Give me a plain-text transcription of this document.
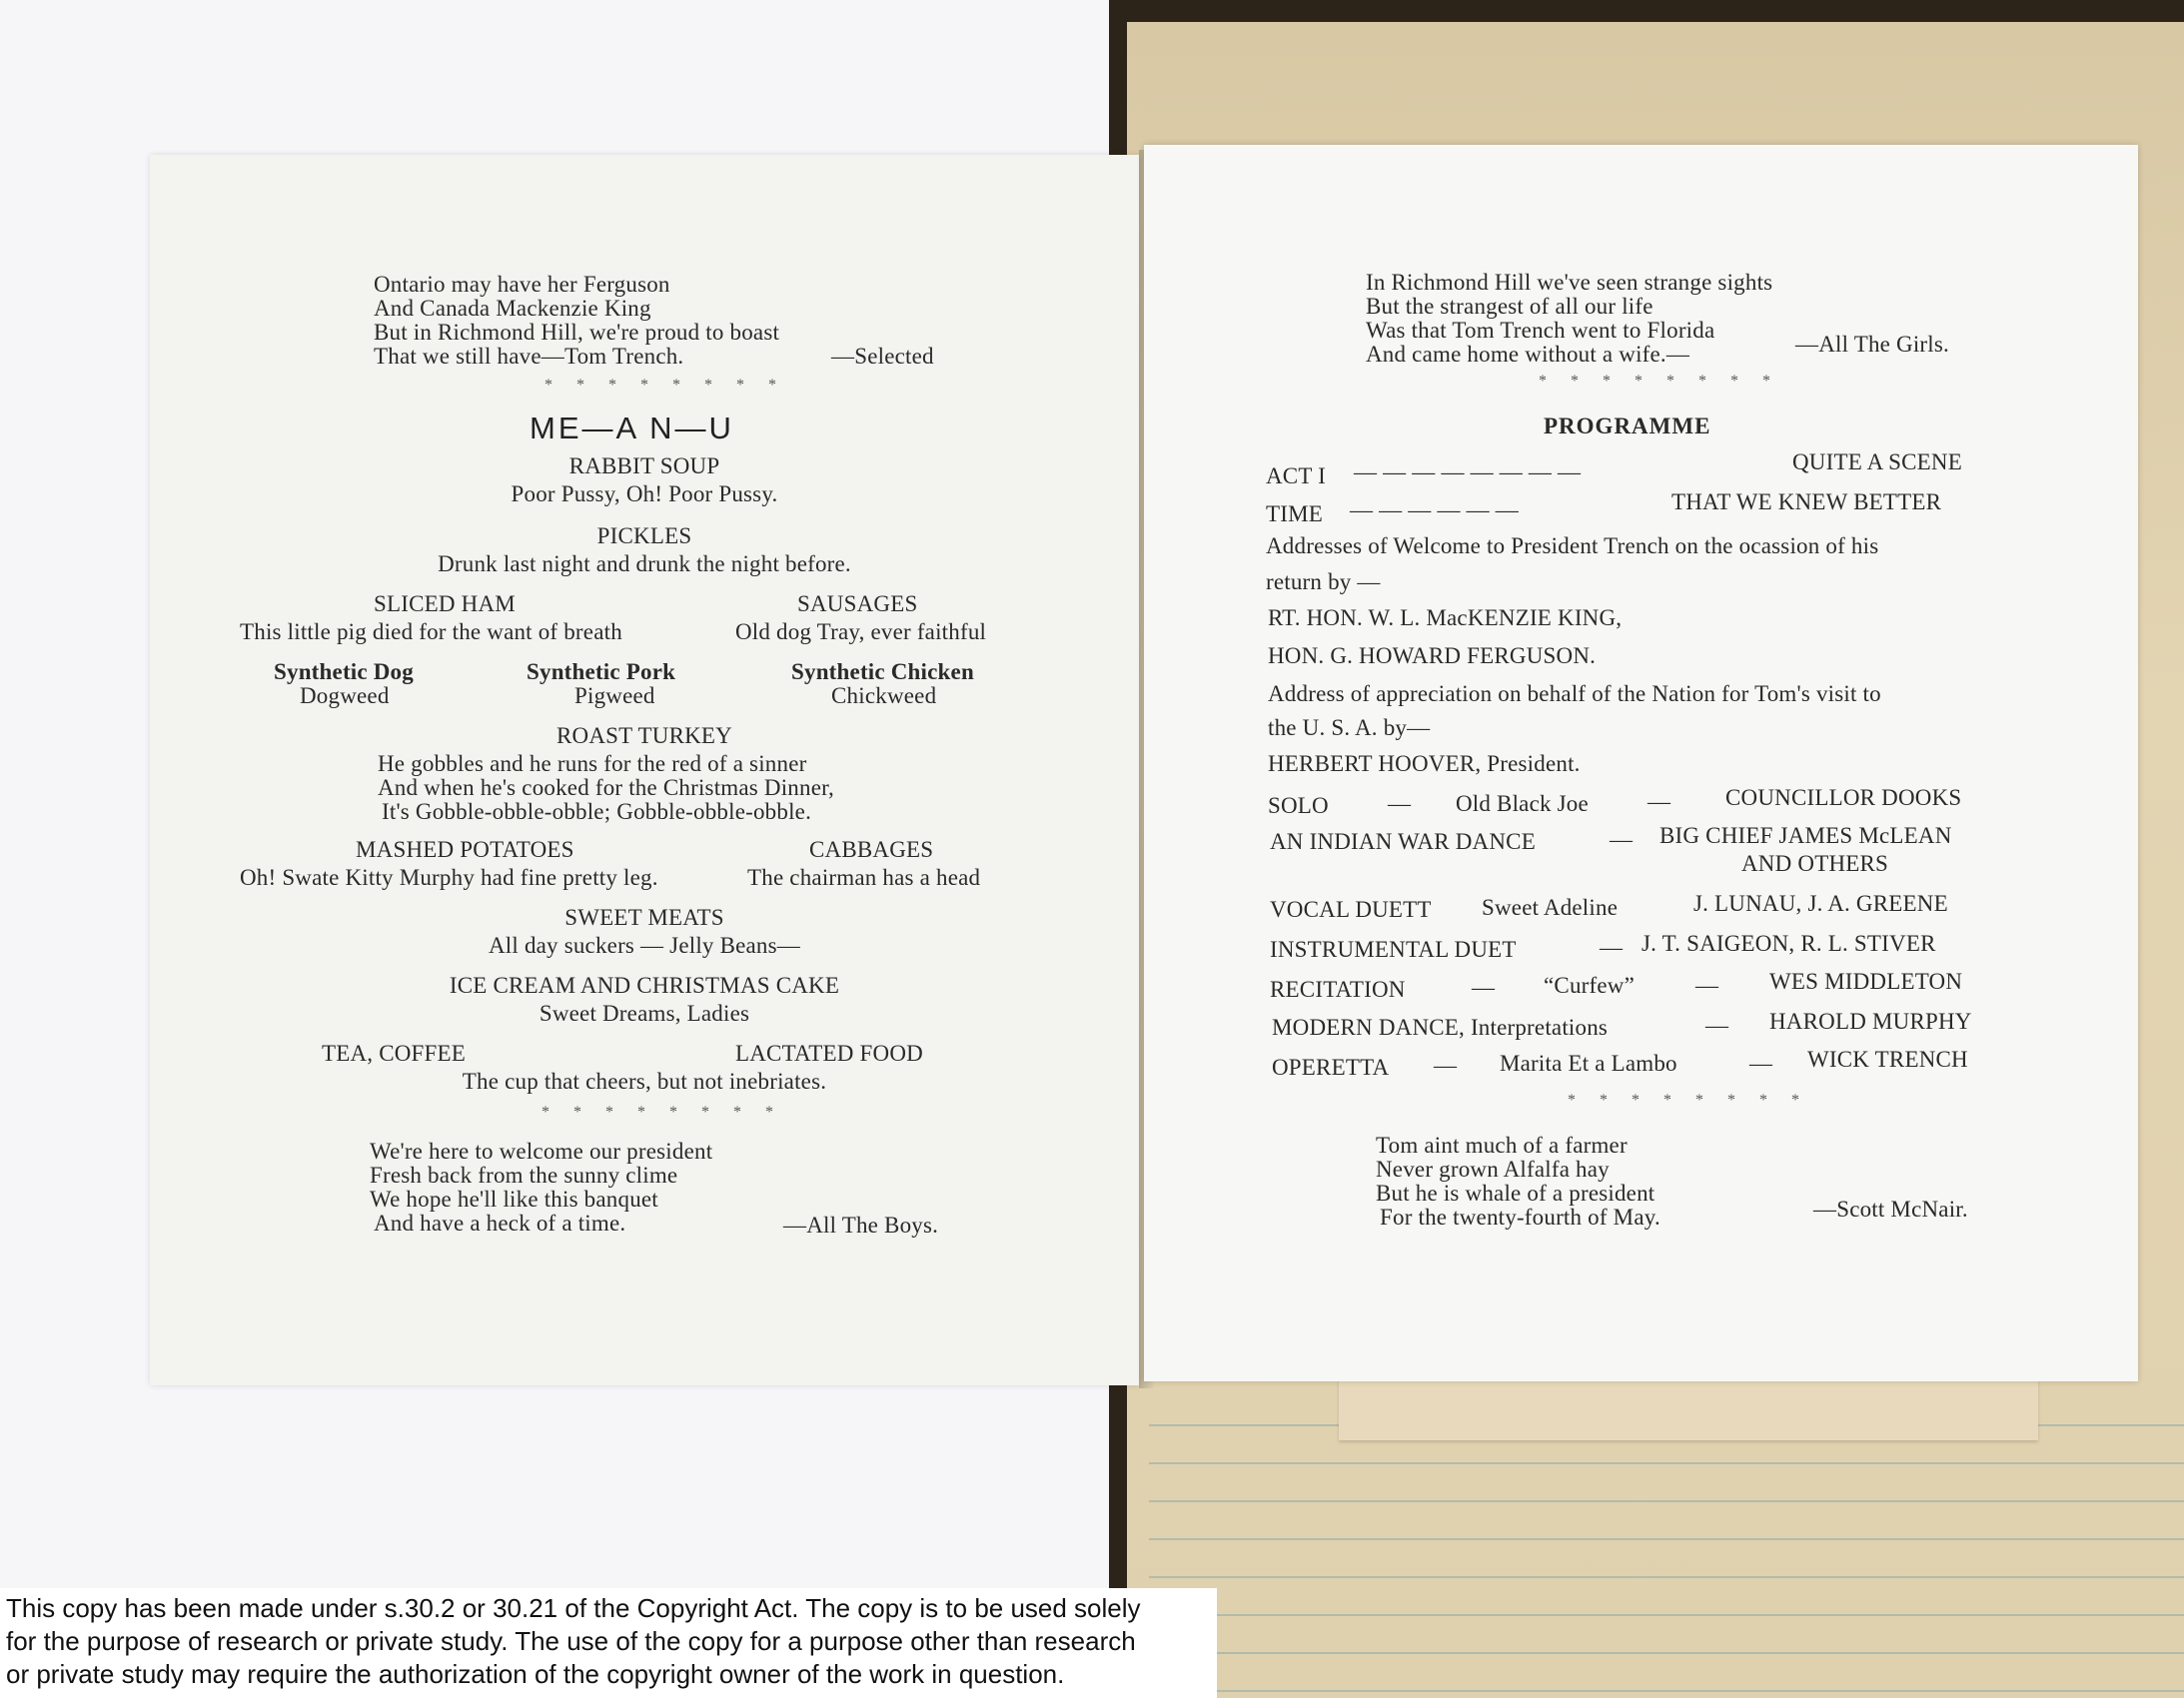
Ontario may have her Ferguson
And Canada Mackenzie King
But in Richmond Hill, we're proud to boast
That we still have—Tom Trench.	—Selected
* * * * * * * *
ME—A N—U
RABBIT SOUP
Poor Pussy, Oh! Poor Pussy.
PICKLES
Drunk last night and drunk the night before.
SLICED HAM
This little pig died for the want of breath
SAUSAGES
Old dog Tray, ever faithful
Synthetic Dog
Dogweed
Synthetic Pork
Pigweed
Synthetic Chicken
Chickweed
ROAST TURKEY
He gobbles and he runs for the red of a sinner
And when he's cooked for the Christmas Dinner,
It's Gobble-obble-obble; Gobble-obble-obble.
MASHED POTATOES
Oh! Swate Kitty Murphy had fine pretty leg.
CABBAGES
The chairman has a head
SWEET MEATS
All day suckers — Jelly Beans—
ICE CREAM AND CHRISTMAS CAKE
Sweet Dreams, Ladies
TEA, COFFEE	LACTATED FOOD
The cup that cheers, but not inebriates.
* * * * * * * *
We're here to welcome our president
Fresh back from the sunny clime
We hope he'll like this banquet
And have a heck of a time.	—All The Boys.
In Richmond Hill we've seen strange sights
But the strangest of all our life
Was that Tom Trench went to Florida
And came home without a wife.—	—All The Girls.
* * * * * * * *
PROGRAMME
ACT I — — — — — — — —	QUITE A SCENE
TIME — — — — — —	THAT WE KNEW BETTER
Addresses of Welcome to President Trench on the ocassion of his
return by —
RT. HON. W. L. MacKENZIE KING,
HON. G. HOWARD FERGUSON.
Address of appreciation on behalf of the Nation for Tom's visit to
the U. S. A. by—
HERBERT HOOVER, President.
SOLO	— Old Black Joe	— COUNCILLOR DOOKS
AN INDIAN WAR DANCE	— BIG CHIEF JAMES McLEAN
AND OTHERS
VOCAL DUETT Sweet Adeline	J. LUNAU, J. A. GREENE
INSTRUMENTAL DUET	— J. T. SAIGEON, R. L. STIVER
RECITATION	— “Curfew”	— WES MIDDLETON
MODERN DANCE, Interpretations	— HAROLD MURPHY
OPERETTA — Marita Et a Lambo	— WICK TRENCH
* * * * * * * *
Tom aint much of a farmer
Never grown Alfalfa hay
But he is whale of a president
For the twenty-fourth of May.	—Scott McNair.
This copy has been made under s.30.2 or 30.21 of the Copyright Act. The copy is to be used solely
for the purpose of research or private study. The use of the copy for a purpose other than research
or private study may require the authorization of the copyright owner of the work in question.
